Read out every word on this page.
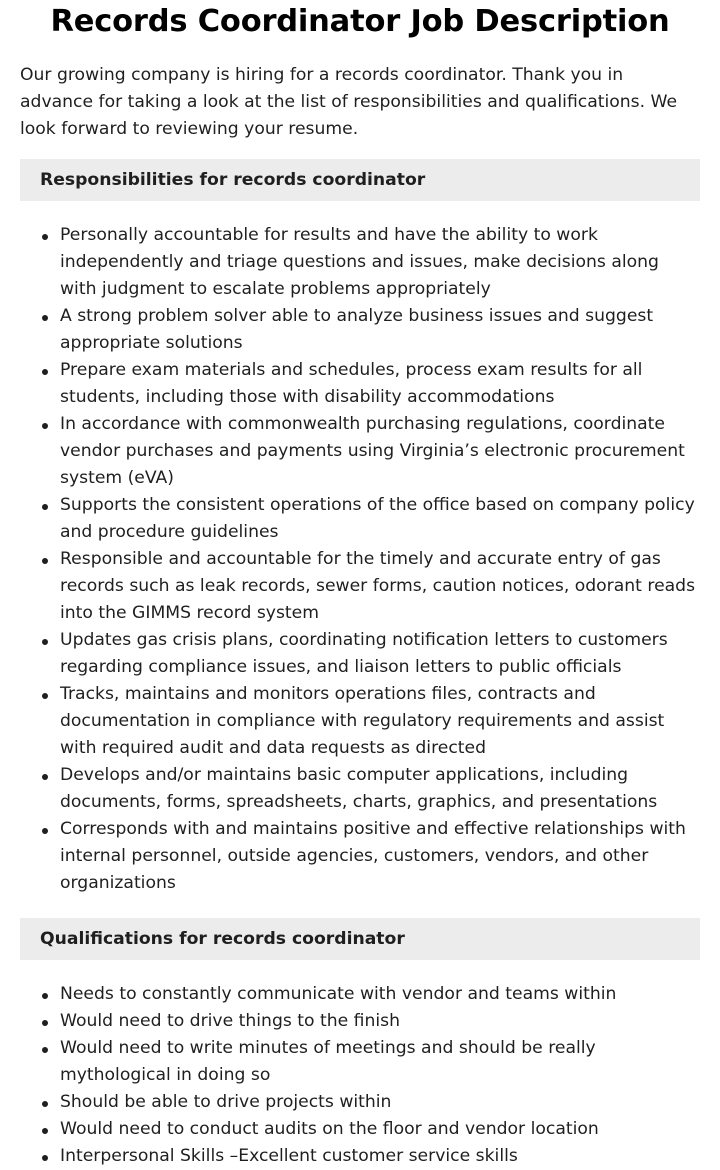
Records Coordinator Job Description

Our growing company is hiring for a records coordinator. Thank you in advance for taking a look at the list of responsibilities and qualifications. We look forward to reviewing your resume.

Responsibilities for records coordinator
Personally accountable for results and have the ability to work independently and triage questions and issues, make decisions along with judgment to escalate problems appropriately
A strong problem solver able to analyze business issues and suggest appropriate solutions
Prepare exam materials and schedules, process exam results for all students, including those with disability accommodations
In accordance with commonwealth purchasing regulations, coordinate vendor purchases and payments using Virginia’s electronic procurement system (eVA)
Supports the consistent operations of the office based on company policy and procedure guidelines
Responsible and accountable for the timely and accurate entry of gas records such as leak records, sewer forms, caution notices, odorant reads into the GIMMS record system
Updates gas crisis plans, coordinating notification letters to customers regarding compliance issues, and liaison letters to public officials
Tracks, maintains and monitors operations files, contracts and documentation in compliance with regulatory requirements and assist with required audit and data requests as directed
Develops and/or maintains basic computer applications, including documents, forms, spreadsheets, charts, graphics, and presentations
Corresponds with and maintains positive and effective relationships with internal personnel, outside agencies, customers, vendors, and other organizations
Qualifications for records coordinator
Needs to constantly communicate with vendor and teams within
Would need to drive things to the finish
Would need to write minutes of meetings and should be really mythological in doing so
Should be able to drive projects within
Would need to conduct audits on the floor and vendor location
Interpersonal Skills –Excellent customer service skills
